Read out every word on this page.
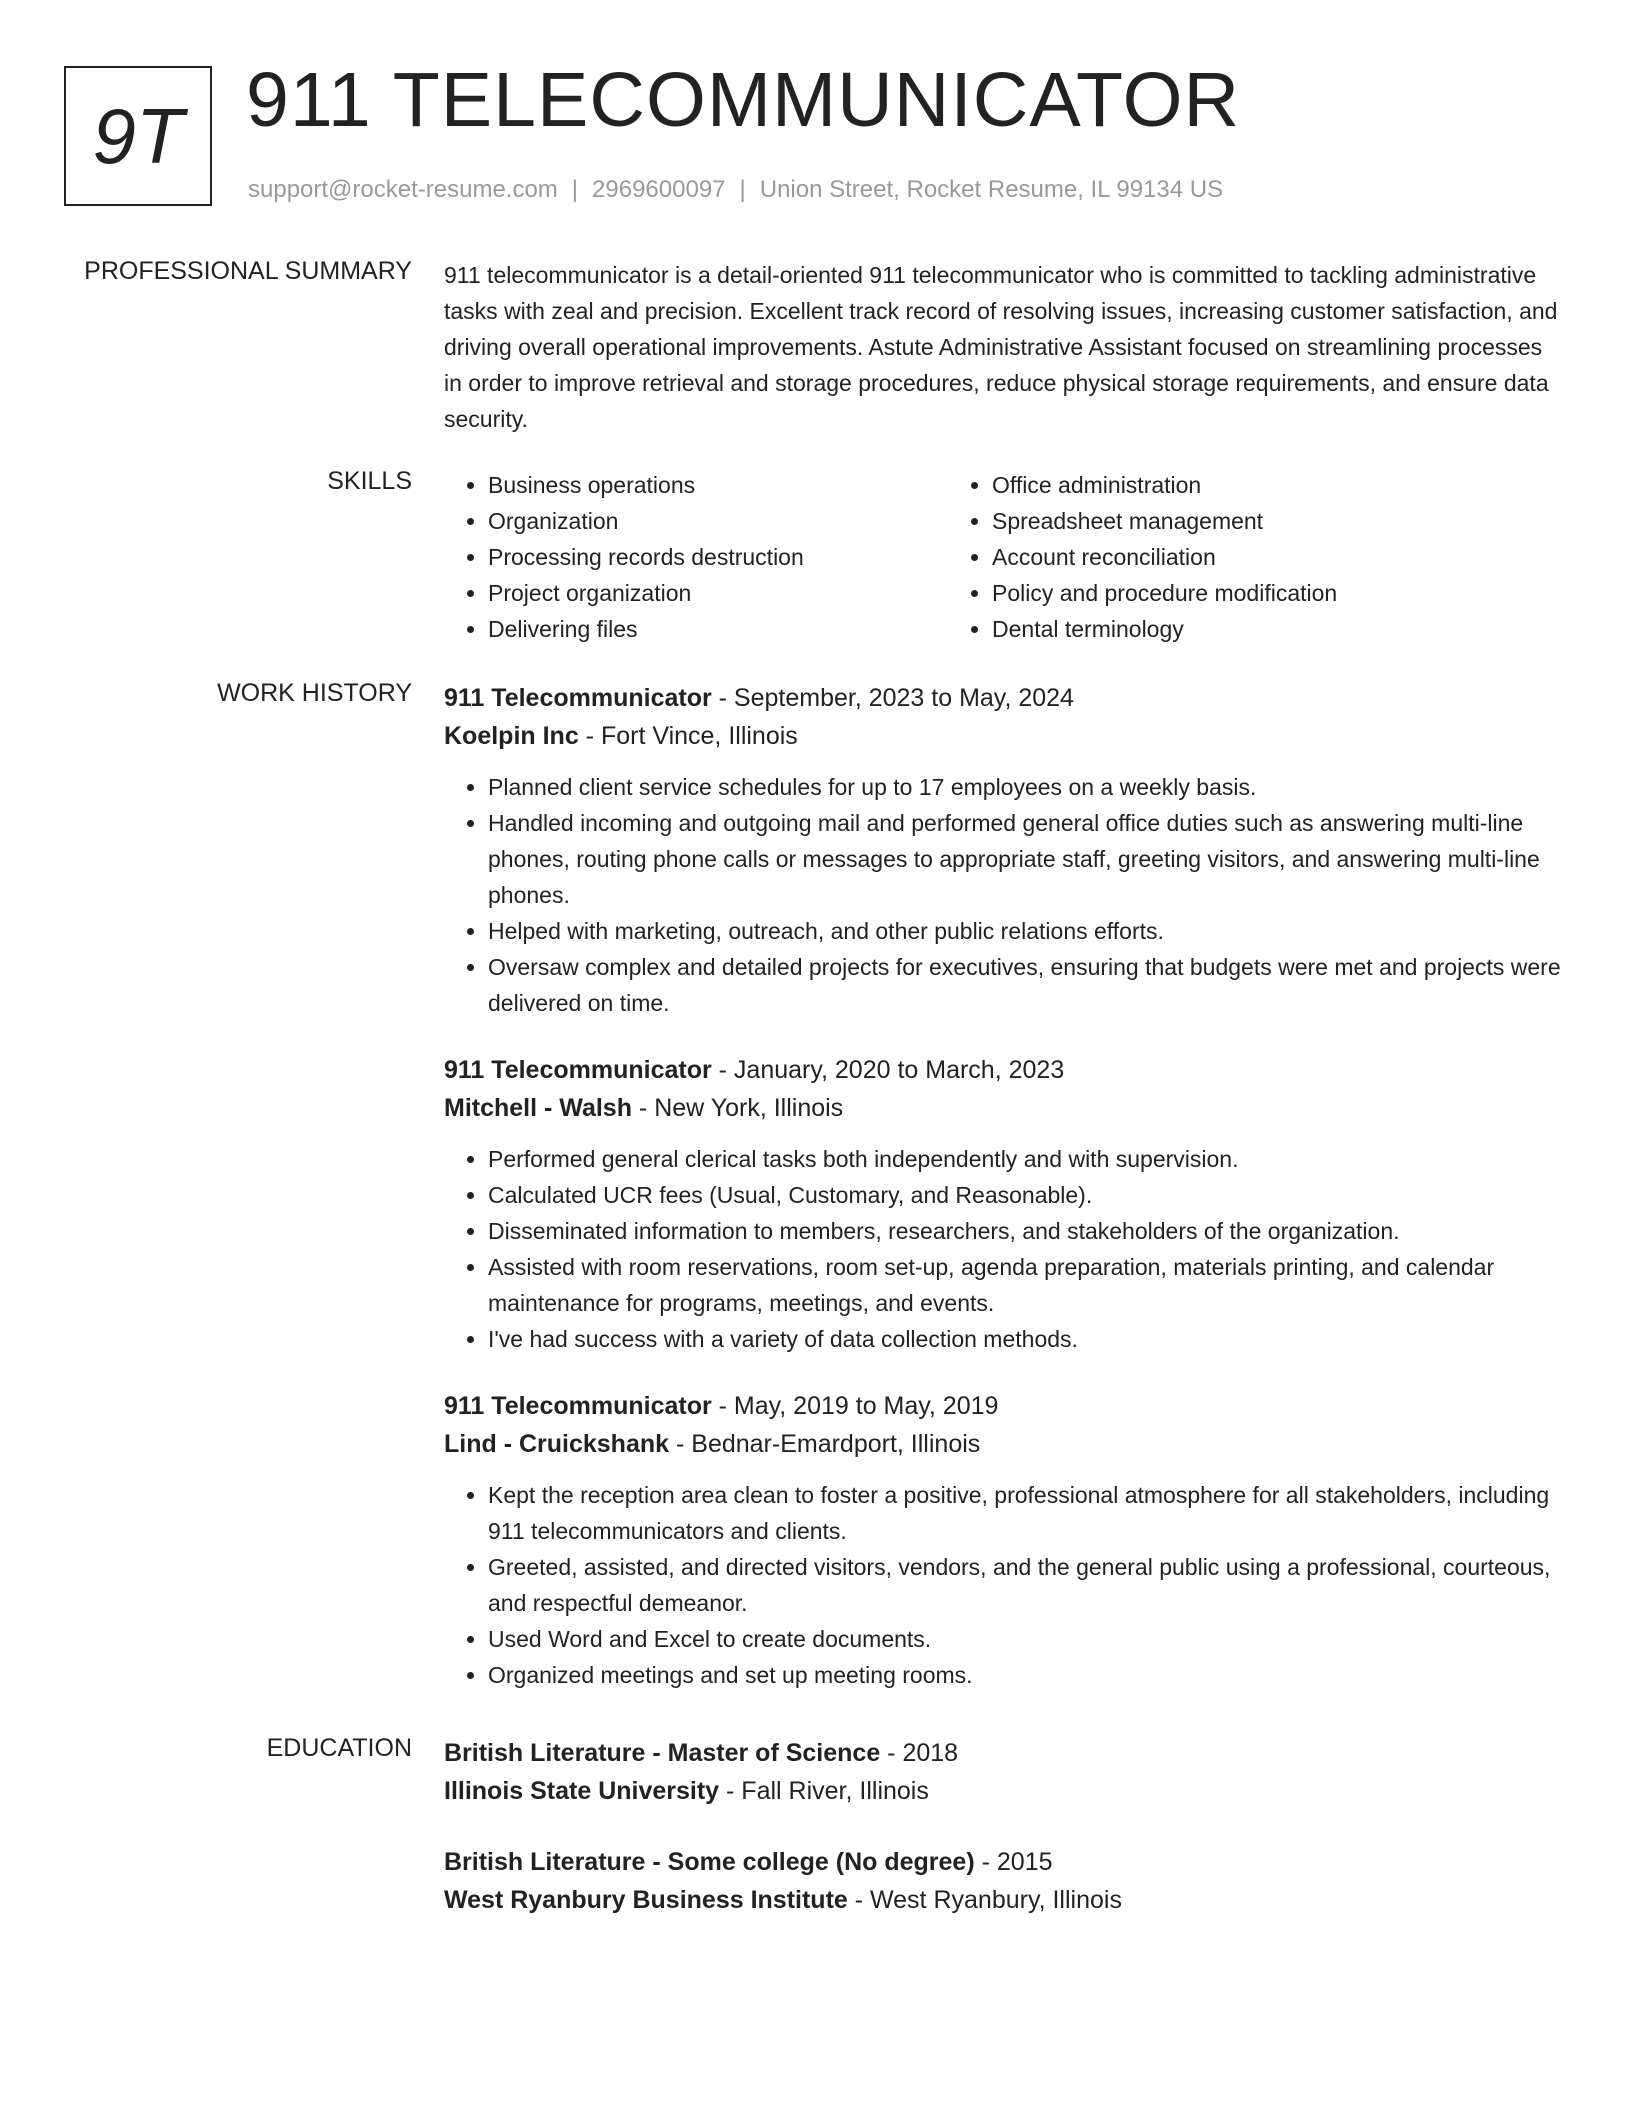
9T 911 TELECOMMUNICATOR
support@rocket-resume.com | 2969600097 | Union Street, Rocket Resume, IL 99134 US
PROFESSIONAL SUMMARY 911 telecommunicator is a detail-oriented 911 telecommunicator who is committed to tackling administrative tasks with zeal and precision. Excellent track record of resolving issues, increasing customer satisfaction, and driving overall operational improvements. Astute Administrative Assistant focused on streamlining processes in order to improve retrieval and storage procedures, reduce physical storage requirements, and ensure data security.

SKILLS
•	Business operations
• Organization
• Processing records destruction
• Project organization
• Delivering files
• Office administration
• Spreadsheet management
• Account reconciliation
• Policy and procedure modification
• Dental terminology
WORK HISTORY 911 Telecommunicator - September, 2023 to May, 2024
Koelpin Inc - Fort Vince, Illinois
• Planned client service schedules for up to 17 employees on a weekly basis.
• Handled incoming and outgoing mail and performed general office duties such as answering multi-line phones, routing phone calls or messages to appropriate staff, greeting visitors, and answering multi-line phones.
• Helped with marketing, outreach, and other public relations efforts.
• Oversaw complex and detailed projects for executives, ensuring that budgets were met and projects were delivered on time.
911 Telecommunicator - January, 2020 to March, 2023
Mitchell - Walsh - New York, Illinois
• Performed general clerical tasks both independently and with supervision.
• Calculated UCR fees (Usual, Customary, and Reasonable).
• Disseminated information to members, researchers, and stakeholders of the organization.
• Assisted with room reservations, room set-up, agenda preparation, materials printing, and calendar maintenance for programs, meetings, and events.
• I've had success with a variety of data collection methods.
911 Telecommunicator - May, 2019 to May, 2019
Lind - Cruickshank - Bednar-Emardport, Illinois
• Kept the reception area clean to foster a positive, professional atmosphere for all stakeholders, including 911 telecommunicators and clients.
• Greeted, assisted, and directed visitors, vendors, and the general public using a professional, courteous, and respectful demeanor.
• Used Word and Excel to create documents.
• Organized meetings and set up meeting rooms.
EDUCATION British Literature - Master of Science - 2018
Illinois State University - Fall River, Illinois
British Literature - Some college (No degree) - 2015
West Ryanbury Business Institute - West Ryanbury, Illinois
